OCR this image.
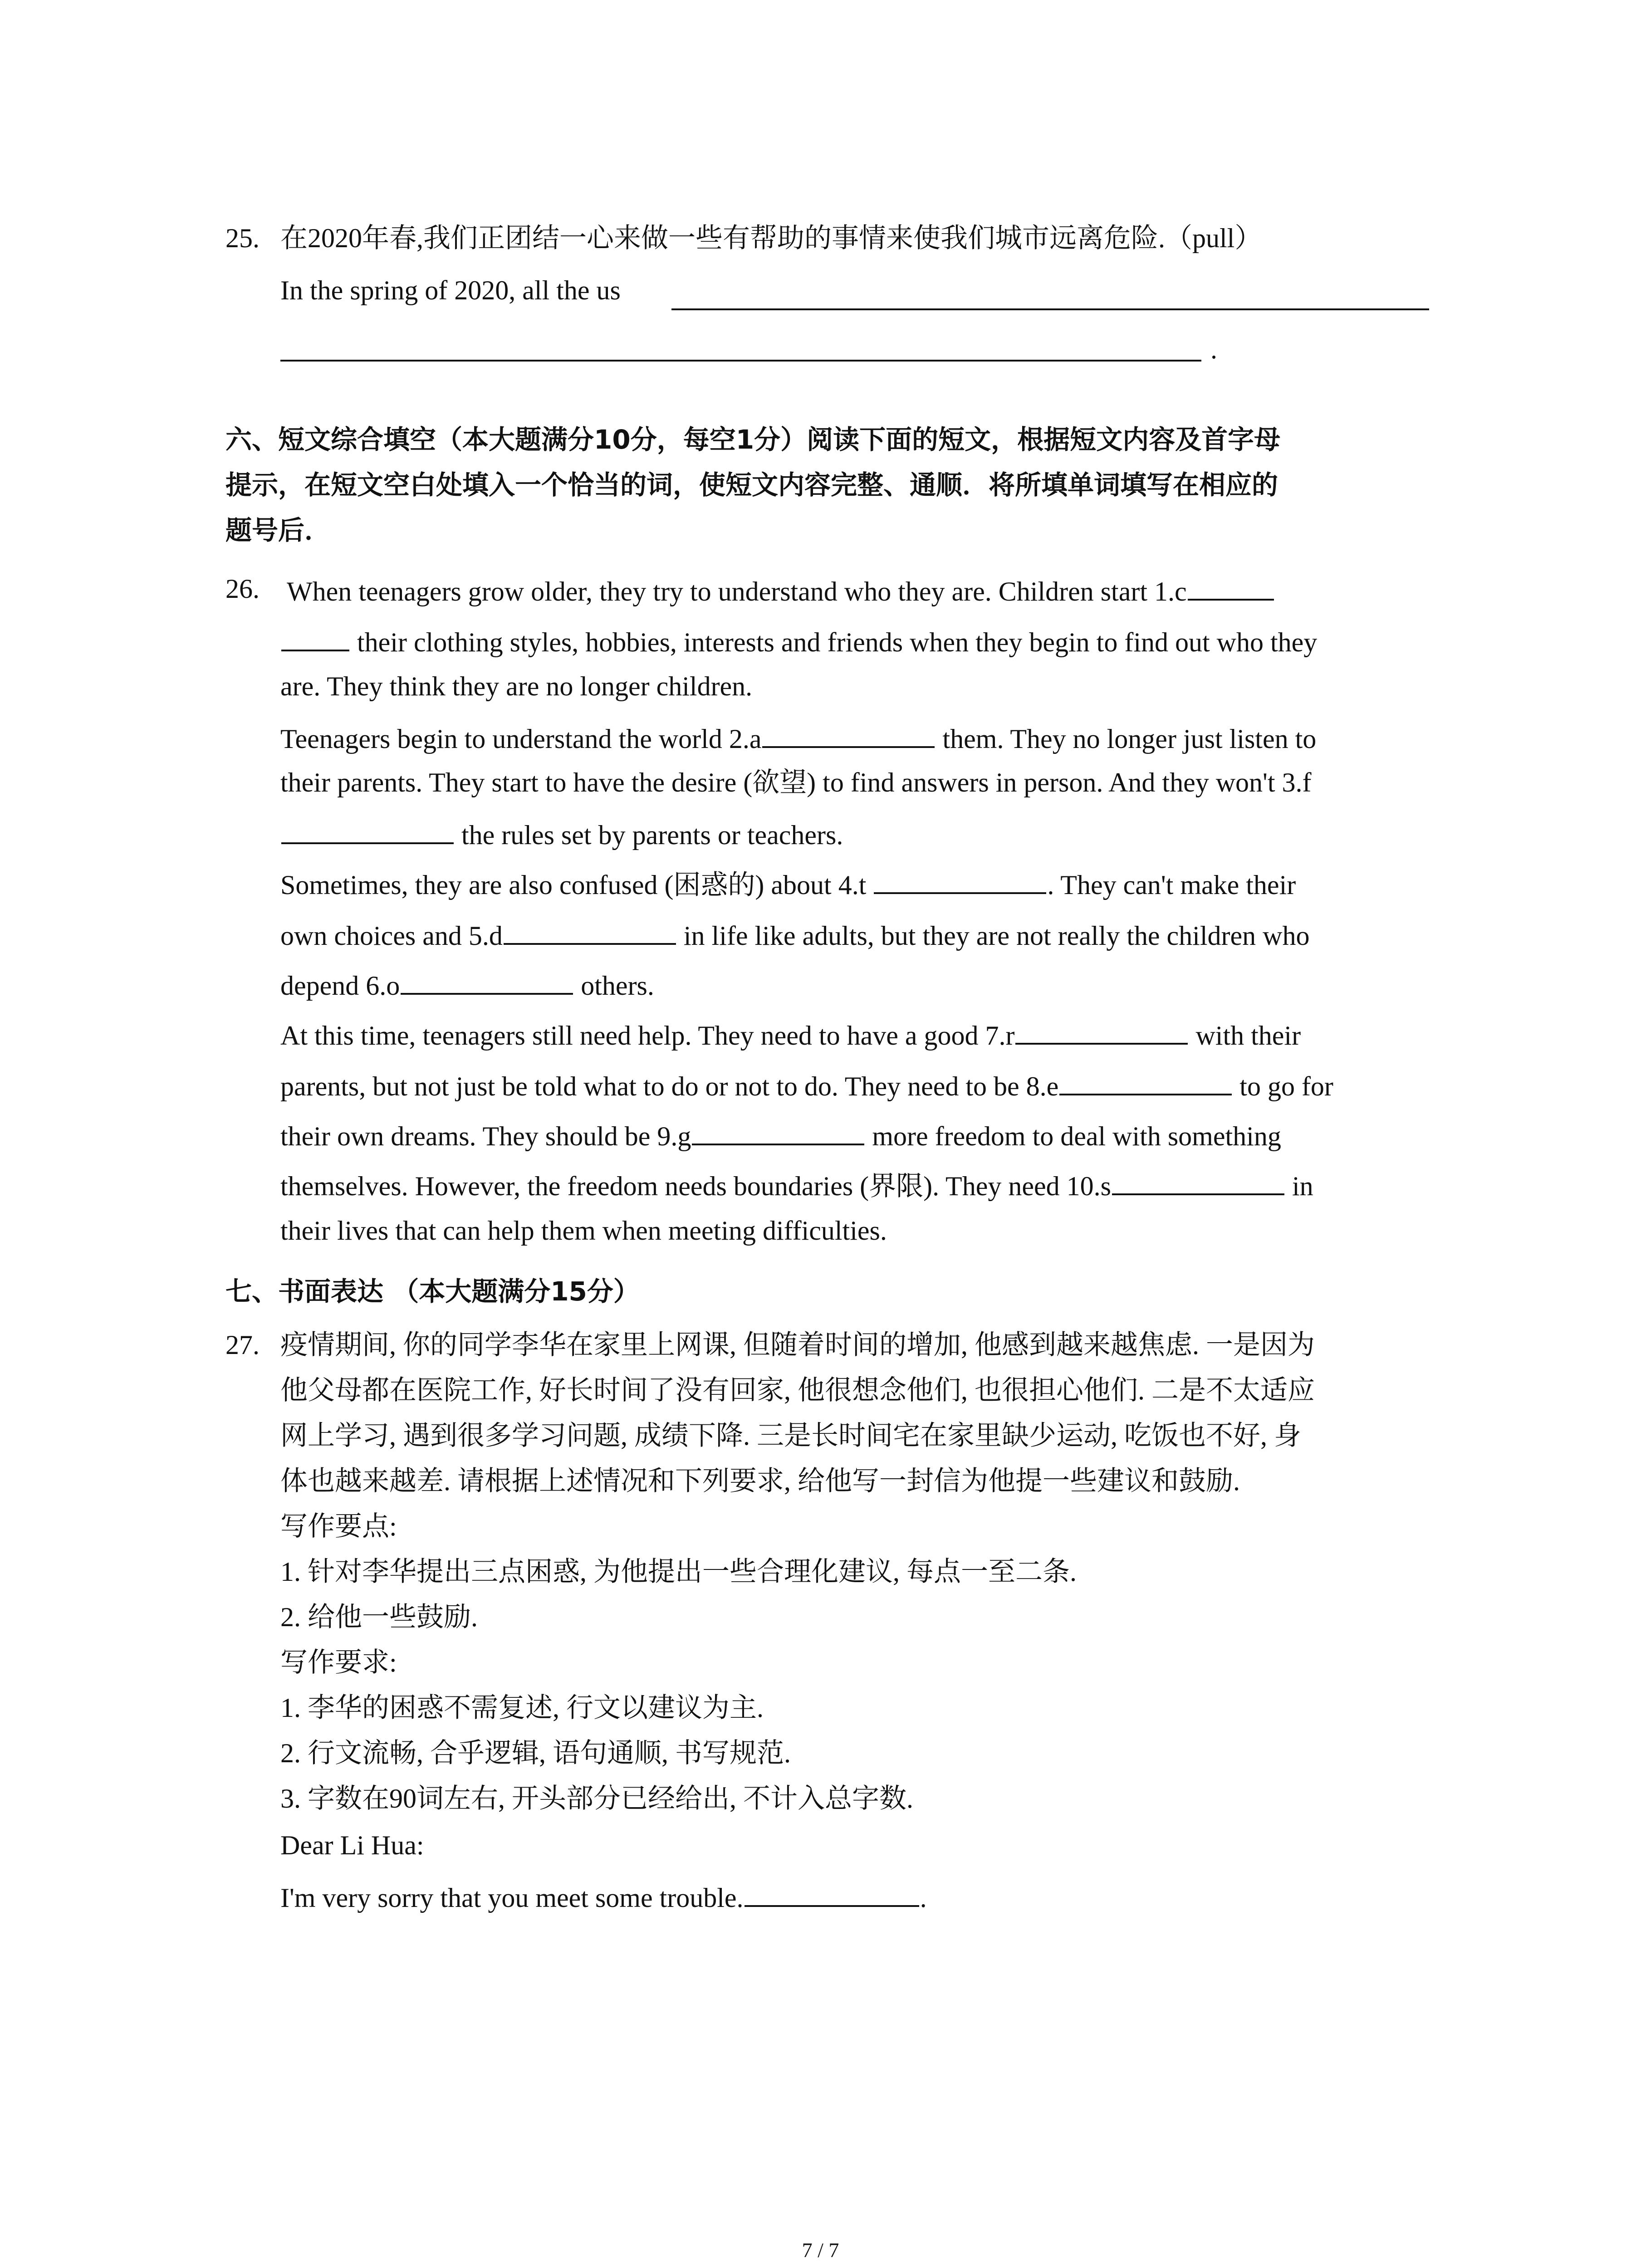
25. 在2020年春,我们正团结一心来做一些有帮助的事情来使我们城市远离危险.（pull）
In the spring of 2020, all the us
.
六、短文综合填空（本大题满分10分，每空1分）阅读下面的短文，根据短文内容及首字母
提示，在短文空白处填入一个恰当的词，使短文内容完整、通顺．将所填单词填写在相应的
题号后．
26. When teenagers grow older, they try to understand who they are. Children start 1.c
their clothing styles, hobbies, interests and friends when they begin to find out who they
are. They think they are no longer children.
Teenagers begin to understand the world 2.a	them. They no longer just listen to
their parents. They start to have the desire (欲望) to find answers in person. And they won't 3.f
the rules set by parents or teachers.
Sometimes, they are also confused (困惑的) about 4.t	. They can't make their
own choices and 5.d	in life like adults, but they are not really the children who
depend 6.o	others.
At this time, teenagers still need help. They need to have a good 7.r	with their
parents, but not just be told what to do or not to do. They need to be 8.e	to go for
their own dreams. They should be 9.g	more freedom to deal with something
themselves. However, the freedom needs boundaries (界限). They need 10.s	in
their lives that can help them when meeting difficulties.
七、书面表达 （本大题满分15分）
27. 疫情期间, 你的同学李华在家里上网课, 但随着时间的增加, 他感到越来越焦虑. 一是因为
他父母都在医院工作, 好长时间了没有回家, 他很想念他们, 也很担心他们. 二是不太适应
网上学习, 遇到很多学习问题, 成绩下降. 三是长时间宅在家里缺少运动, 吃饭也不好, 身
体也越来越差. 请根据上述情况和下列要求, 给他写一封信为他提一些建议和鼓励.
写作要点:
1. 针对李华提出三点困惑, 为他提出一些合理化建议, 每点一至二条.
2. 给他一些鼓励.
写作要求:
1. 李华的困惑不需复述, 行文以建议为主.
2. 行文流畅, 合乎逻辑, 语句通顺, 书写规范.
3. 字数在90词左右, 开头部分已经给出, 不计入总字数.
Dear Li Hua:
I'm very sorry that you meet some trouble.	.
7 / 7
